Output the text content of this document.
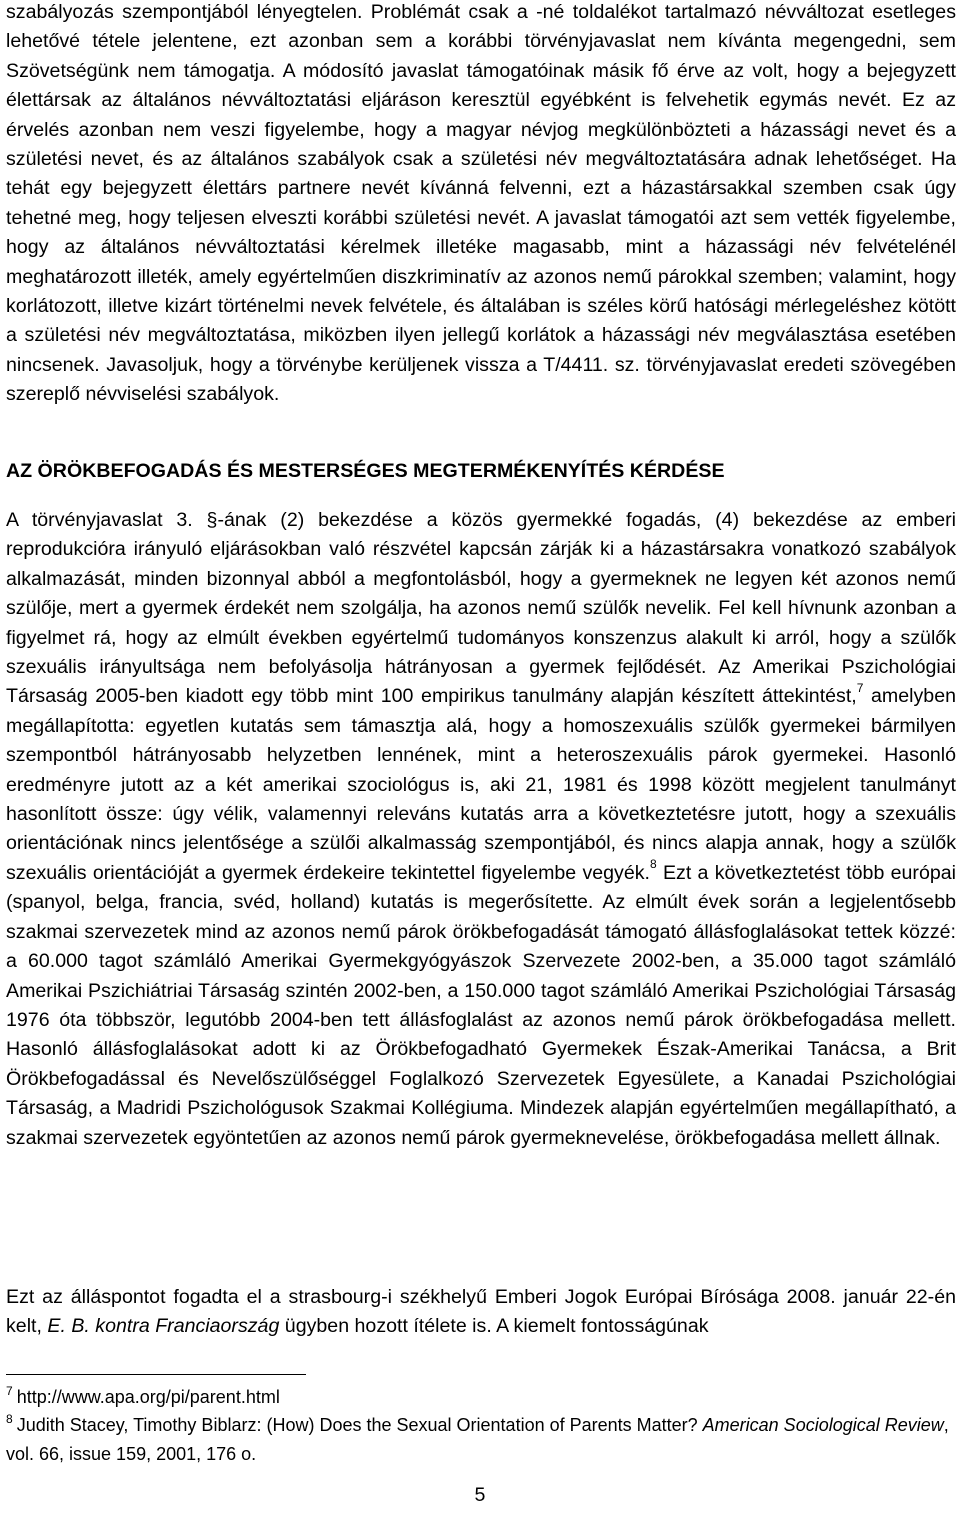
szabályozás szempontjából lényegtelen. Problémát csak a -né toldalékot tartalmazó névváltozat esetleges lehetővé tétele jelentene, ezt azonban sem a korábbi törvényjavaslat nem kívánta megengedni, sem Szövetségünk nem támogatja. A módosító javaslat támogatóinak másik fő érve az volt, hogy a bejegyzett élettársak az általános névváltoztatási eljáráson keresztül egyébként is felvehetik egymás nevét. Ez az érvelés azonban nem veszi figyelembe, hogy a magyar névjog megkülönbözteti a házassági nevet és a születési nevet, és az általános szabályok csak a születési név megváltoztatására adnak lehetőséget. Ha tehát egy bejegyzett élettárs partnere nevét kívánná felvenni, ezt a házastársakkal szemben csak úgy tehetné meg, hogy teljesen elveszti korábbi születési nevét. A javaslat támogatói azt sem vették figyelembe, hogy az általános névváltoztatási kérelmek illetéke magasabb, mint a házassági név felvételénél meghatározott illeték, amely egyértelműen diszkriminatív az azonos nemű párokkal szemben; valamint, hogy korlátozott, illetve kizárt történelmi nevek felvétele, és általában is széles körű hatósági mérlegeléshez kötött a születési név megváltoztatása, miközben ilyen jellegű korlátok a házassági név megválasztása esetében nincsenek. Javasoljuk, hogy a törvénybe kerüljenek vissza a T/4411. sz. törvényjavaslat eredeti szövegében szereplő névviselési szabályok.
AZ ÖRÖKBEFOGADÁS ÉS MESTERSÉGES MEGTERMÉKENYÍTÉS KÉRDÉSE
A törvényjavaslat 3. §-ának (2) bekezdése a közös gyermekké fogadás, (4) bekezdése az emberi reprodukcióra irányuló eljárásokban való részvétel kapcsán zárják ki a házastársakra vonatkozó szabályok alkalmazását, minden bizonnyal abból a megfontolásból, hogy a gyermeknek ne legyen két azonos nemű szülője, mert a gyermek érdekét nem szolgálja, ha azonos nemű szülők nevelik. Fel kell hívnunk azonban a figyelmet rá, hogy az elmúlt években egyértelmű tudományos konszenzus alakult ki arról, hogy a szülők szexuális irányultsága nem befolyásolja hátrányosan a gyermek fejlődését. Az Amerikai Pszichológiai Társaság 2005-ben kiadott egy több mint 100 empirikus tanulmány alapján készített áttekintést,$^7$ amelyben megállapította: egyetlen kutatás sem támasztja alá, hogy a homoszexuális szülők gyermekei bármilyen szempontból hátrányosabb helyzetben lennének, mint a heteroszexuális párok gyermekei. Hasonló eredményre jutott az a két amerikai szociológus is, aki 21, 1981 és 1998 között megjelent tanulmányt hasonlított össze: úgy vélik, valamennyi releváns kutatás arra a következtetésre jutott, hogy a szexuális orientációnak nincs jelentősége a szülői alkalmasság szempontjából, és nincs alapja annak, hogy a szülők szexuális orientációját a gyermek érdekeire tekintettel figyelembe vegyék.$^8$ Ezt a következtetést több európai (spanyol, belga, francia, svéd, holland) kutatás is megerősítette. Az elmúlt évek során a legjelentősebb szakmai szervezetek mind az azonos nemű párok örökbefogadását támogató állásfoglalásokat tettek közzé: a 60.000 tagot számláló Amerikai Gyermekgyógyászok Szervezete 2002-ben, a 35.000 tagot számláló Amerikai Pszichiátriai Társaság szintén 2002-ben, a 150.000 tagot számláló Amerikai Pszichológiai Társaság 1976 óta többször, legutóbb 2004-ben tett állásfoglalást az azonos nemű párok örökbefogadása mellett. Hasonló állásfoglalásokat adott ki az Örökbefogadható Gyermekek Észak-Amerikai Tanácsa, a Brit Örökbefogadással és Nevelőszülőséggel Foglalkozó Szervezetek Egyesülete, a Kanadai Pszichológiai Társaság, a Madridi Pszichológusok Szakmai Kollégiuma. Mindezek alapján egyértelműen megállapítható, a szakmai szervezetek egyöntetűen az azonos nemű párok gyermeknevelése, örökbefogadása mellett állnak.
Ezt az álláspontot fogadta el a strasbourg-i székhelyű Emberi Jogok Európai Bírósága 2008. január 22-én kelt, E. B. kontra Franciaország ügyben hozott ítélete is. A kiemelt fontosságúnak
$^7$ http://www.apa.org/pi/parent.html
$^8$ Judith Stacey, Timothy Biblarz: (How) Does the Sexual Orientation of Parents Matter? American Sociological Review, vol. 66, issue 159, 2001, 176 o.
5
